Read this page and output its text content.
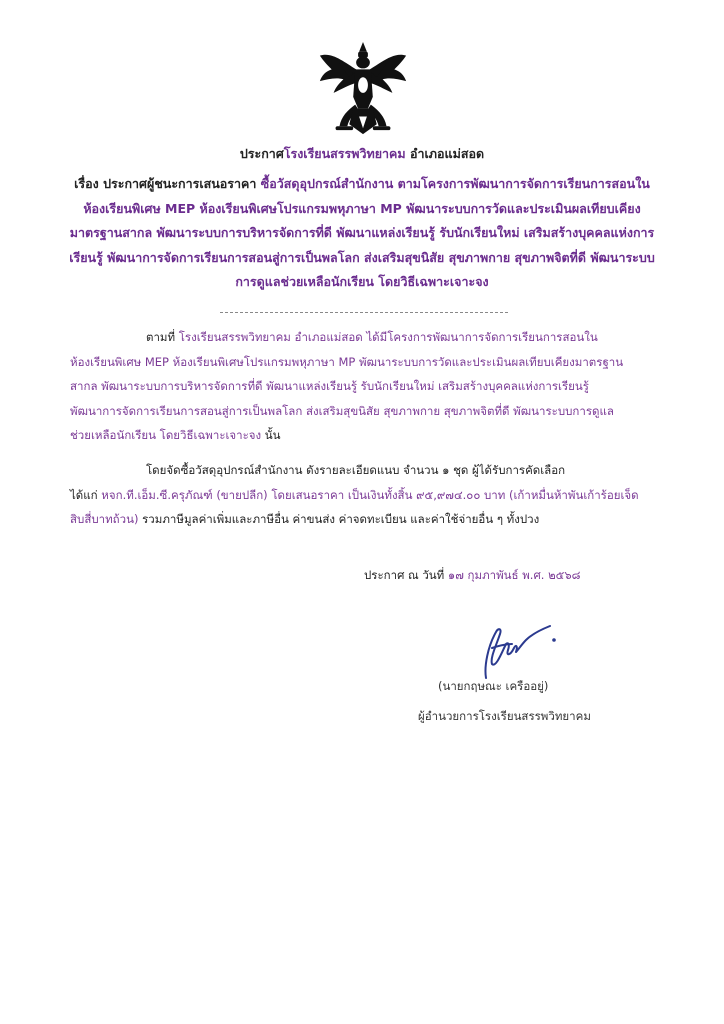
ประกาศโรงเรียนสรรพวิทยาคม อำเภอแม่สอด
เรื่อง ประกาศผู้ชนะการเสนอราคา ซื้อวัสดุอุปกรณ์สำนักงาน ตามโครงการพัฒนาการจัดการเรียนการสอนใน
ห้องเรียนพิเศษ MEP ห้องเรียนพิเศษโปรแกรมพหุภาษา MP พัฒนาระบบการวัดและประเมินผลเทียบเคียง
มาตรฐานสากล พัฒนาระบบการบริหารจัดการที่ดี พัฒนาแหล่งเรียนรู้ รับนักเรียนใหม่ เสริมสร้างบุคคลแห่งการ
เรียนรู้ พัฒนาการจัดการเรียนการสอนสู่การเป็นพลโลก ส่งเสริมสุขนิสัย สุขภาพกาย สุขภาพจิตที่ดี พัฒนาระบบ
การดูแลช่วยเหลือนักเรียน โดยวิธีเฉพาะเจาะจง
ตามที่ โรงเรียนสรรพวิทยาคม อำเภอแม่สอด ได้มีโครงการพัฒนาการจัดการเรียนการสอนใน
ห้องเรียนพิเศษ MEP ห้องเรียนพิเศษโปรแกรมพหุภาษา MP พัฒนาระบบการวัดและประเมินผลเทียบเคียงมาตรฐาน
สากล พัฒนาระบบการบริหารจัดการที่ดี พัฒนาแหล่งเรียนรู้ รับนักเรียนใหม่ เสริมสร้างบุคคลแห่งการเรียนรู้
พัฒนาการจัดการเรียนการสอนสู่การเป็นพลโลก ส่งเสริมสุขนิสัย สุขภาพกาย สุขภาพจิตที่ดี พัฒนาระบบการดูแล
ช่วยเหลือนักเรียน โดยวิธีเฉพาะเจาะจง นั้น
โดยจัดซื้อวัสดุอุปกรณ์สำนักงาน ดังรายละเอียดแนบ จำนวน ๑ ชุด ผู้ได้รับการคัดเลือก
ได้แก่ หจก.ที.เอ็ม.ซี.ครุภัณฑ์ (ขายปลีก) โดยเสนอราคา เป็นเงินทั้งสิ้น ๙๕,๙๗๔.๐๐ บาท (เก้าหมื่นห้าพันเก้าร้อยเจ็ด
สิบสี่บาทถ้วน) รวมภาษีมูลค่าเพิ่มและภาษีอื่น ค่าขนส่ง ค่าจดทะเบียน และค่าใช้จ่ายอื่น ๆ ทั้งปวง
ประกาศ ณ วันที่ ๑๗ กุมภาพันธ์ พ.ศ. ๒๕๖๘
(นายกฤษณะ เครืออยู่)
ผู้อำนวยการโรงเรียนสรรพวิทยาคม
